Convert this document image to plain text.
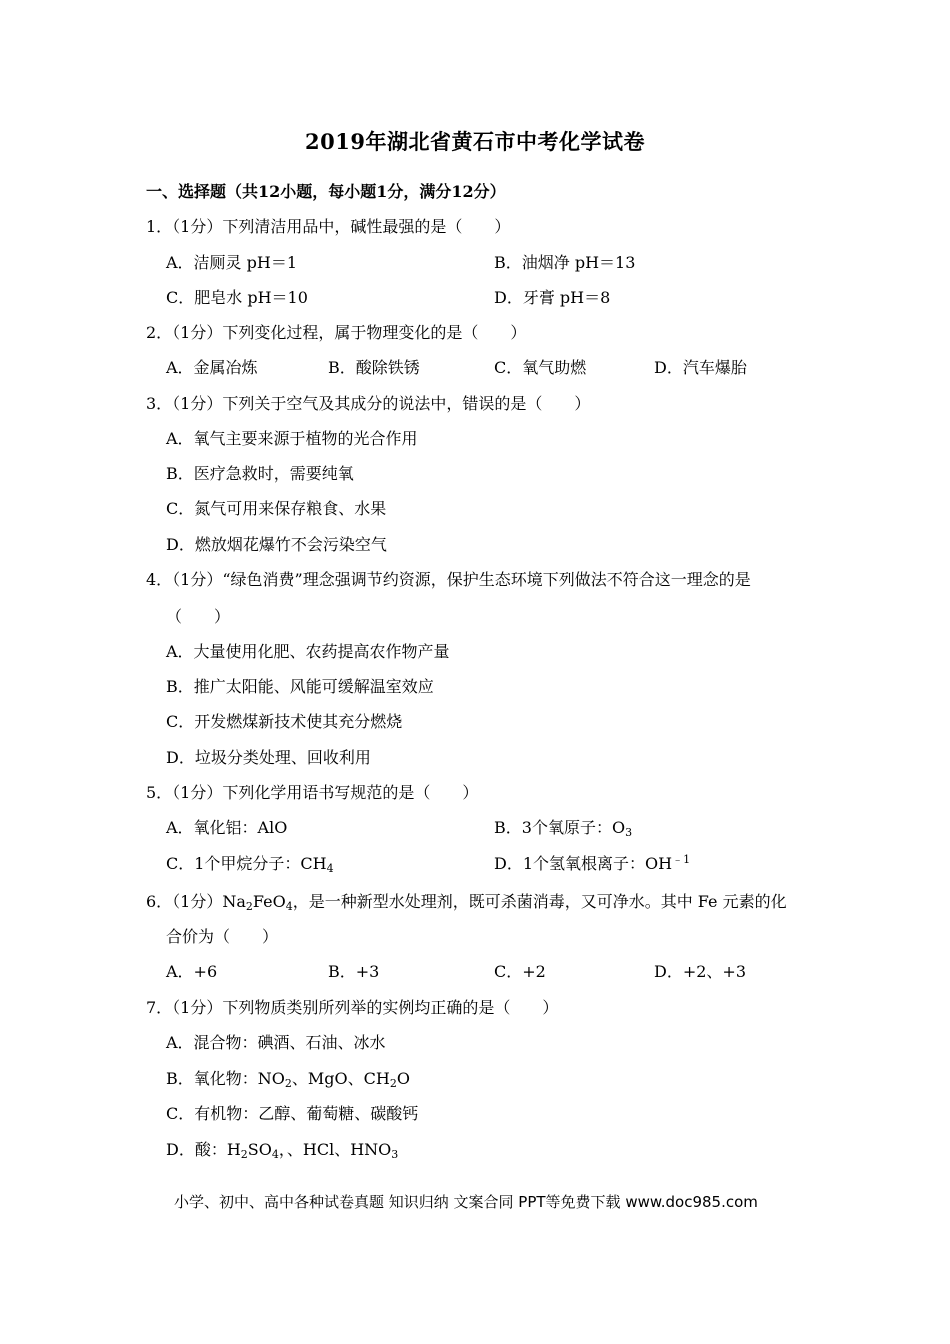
2019年湖北省黄石市中考化学试卷
一、选择题（共12小题，每小题1分，满分12分）
1．（1分）下列清洁用品中，碱性最强的是（　　）
A．洁厕灵 pH＝1	B．油烟净 pH＝13
C．肥皂水 pH＝10	D．牙膏 pH＝8
2．（1分）下列变化过程，属于物理变化的是（　　）
A．金属冶炼	B．酸除铁锈	C．氧气助燃	D．汽车爆胎
3．（1分）下列关于空气及其成分的说法中，错误的是（　　）
A．氧气主要来源于植物的光合作用
B．医疗急救时，需要纯氧
C．氮气可用来保存粮食、水果
D．燃放烟花爆竹不会污染空气
4．（1分）“绿色消费”理念强调节约资源，保护生态环境下列做法不符合这一理念的是
（　　）
A．大量使用化肥、农药提高农作物产量
B．推广太阳能、风能可缓解温室效应
C．开发燃煤新技术使其充分燃烧
D．垃圾分类处理、回收利用
5．（1分）下列化学用语书写规范的是（　　）
A．氧化铝：AlO	B．3个氧原子：$O_3$
C．1个甲烷分子：$CH_4$	D．1个氢氧根离子：$OH^{﹣1}$
6．（1分）$Na_2FeO_4$，是一种新型水处理剂，既可杀菌消毒，又可净水。其中 Fe 元素的化
合价为（　　）
A．+6	B．+3	C．+2	D．+2、+3
7．（1分）下列物质类别所列举的实例均正确的是（　　）
A．混合物：碘酒、石油、冰水
B．氧化物：$NO_2$、MgO、$CH_2O$
C．有机物：乙醇、葡萄糖、碳酸钙
D．酸：$H_2SO_4$，、HCl、$HNO_3$
小学、初中、高中各种试卷真题 知识归纳 文案合同 PPT等免费下载 www.doc985.com
